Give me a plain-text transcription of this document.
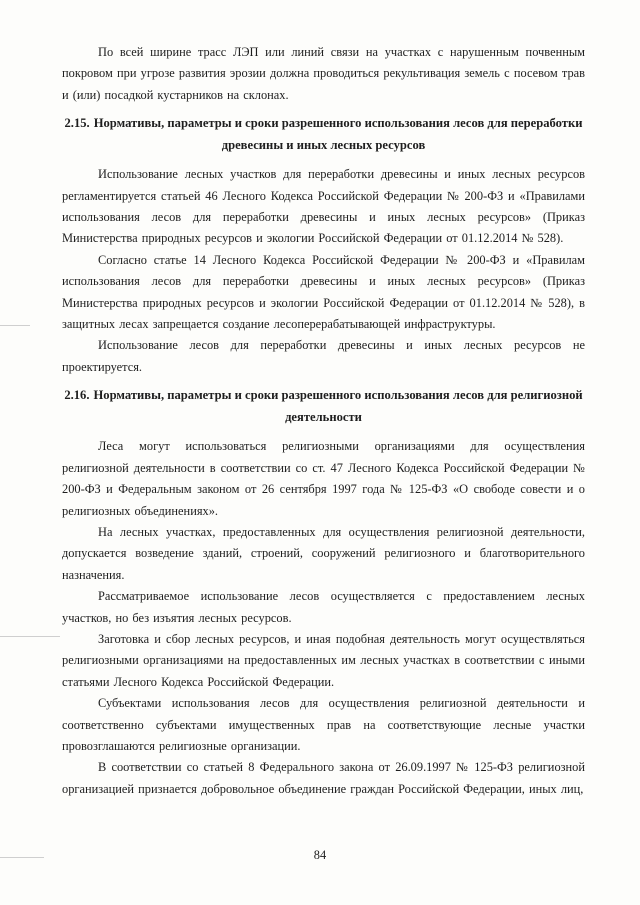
По всей ширине трасс ЛЭП или линий связи на участках с нарушенным почвенным покровом при угрозе развития эрозии должна проводиться рекультивация земель с посевом трав и (или) посадкой кустарников на склонах.

2.15. Нормативы, параметры и сроки разрешенного использования лесов для переработки древесины и иных лесных ресурсов

Использование лесных участков для переработки древесины и иных лесных ресурсов регламентируется статьей 46 Лесного Кодекса Российской Федерации № 200-ФЗ и «Правилами использования лесов для переработки древесины и иных лесных ресурсов» (Приказ Министерства природных ресурсов и экологии Российской Федерации от 01.12.2014 № 528).

Согласно статье 14 Лесного Кодекса Российской Федерации № 200-ФЗ и «Правилам использования лесов для переработки древесины и иных лесных ресурсов» (Приказ Министерства природных ресурсов и экологии Российской Федерации от 01.12.2014 № 528), в защитных лесах запрещается создание лесоперерабатывающей инфраструктуры.

Использование лесов для переработки древесины и иных лесных ресурсов не проектируется.

2.16. Нормативы, параметры и сроки разрешенного использования лесов для религиозной деятельности

Леса могут использоваться религиозными организациями для осуществления религиозной деятельности в соответствии со ст. 47 Лесного Кодекса Российской Федерации № 200-ФЗ и Федеральным законом от 26 сентября 1997 года № 125-ФЗ «О свободе совести и о религиозных объединениях».

На лесных участках, предоставленных для осуществления религиозной деятельности, допускается возведение зданий, строений, сооружений религиозного и благотворительного назначения.

Рассматриваемое использование лесов осуществляется с предоставлением лесных участков, но без изъятия лесных ресурсов.

Заготовка и сбор лесных ресурсов, и иная подобная деятельность могут осуществляться религиозными организациями на предоставленных им лесных участках в соответствии с иными статьями Лесного Кодекса Российской Федерации.

Субъектами использования лесов для осуществления религиозной деятельности и соответственно субъектами имущественных прав на соответствующие лесные участки провозглашаются религиозные организации.

В соответствии со статьей 8 Федерального закона от 26.09.1997 № 125-ФЗ религиозной организацией признается добровольное объединение граждан Российской Федерации, иных лиц,

84
